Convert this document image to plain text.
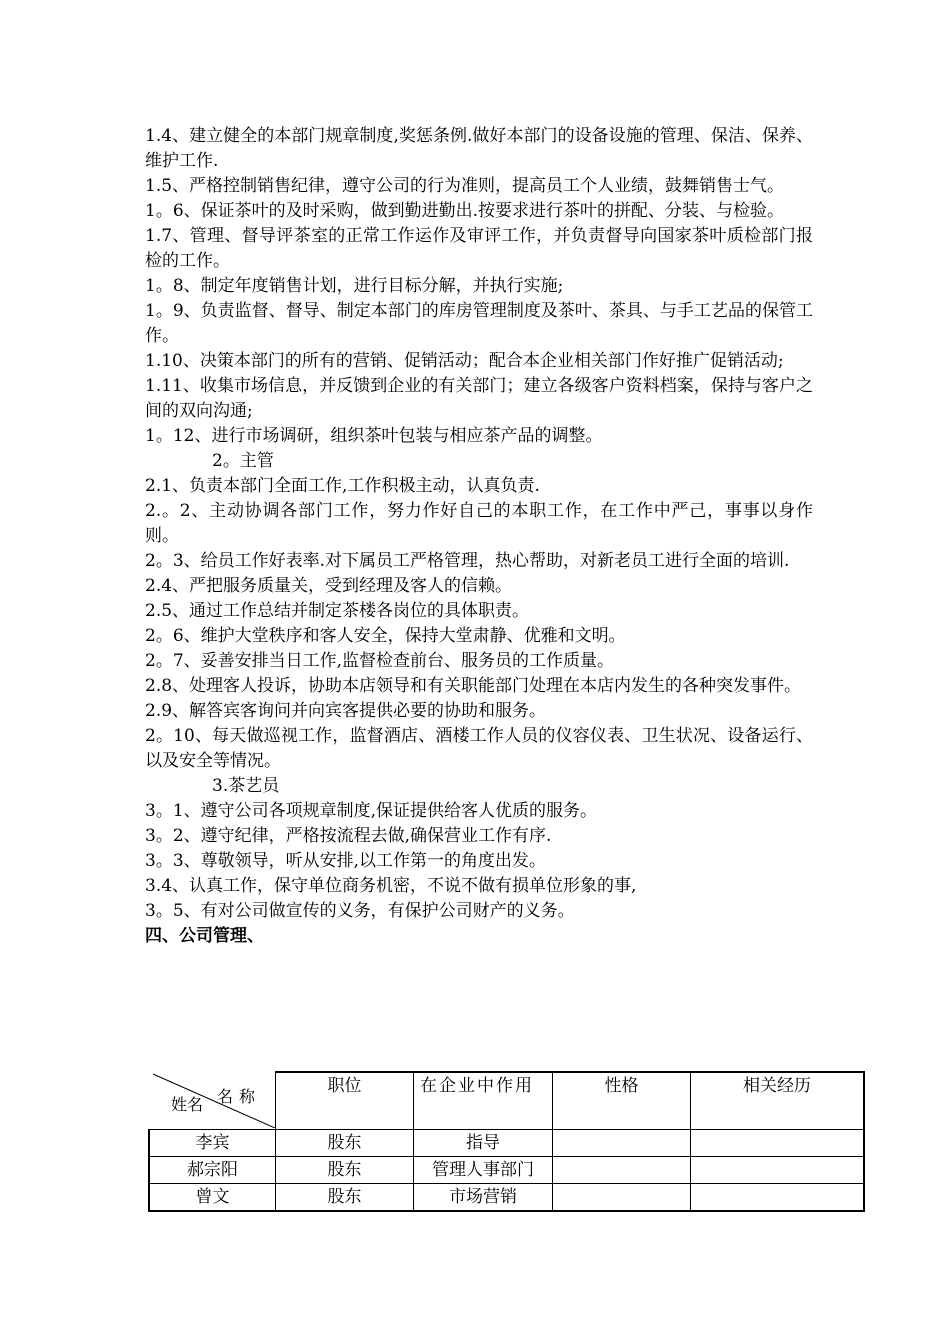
1.4、建立健全的本部门规章制度,奖惩条例.做好本部门的设备设施的管理、保洁、保养、维护工作.

1.5、严格控制销售纪律，遵守公司的行为准则，提高员工个人业绩，鼓舞销售士气。

1。6、保证茶叶的及时采购，做到勤进勤出.按要求进行茶叶的拼配、分装、与检验。

1.7、管理、督导评茶室的正常工作运作及审评工作，并负责督导向国家茶叶质检部门报检的工作。

1。8、制定年度销售计划，进行目标分解，并执行实施;

1。9、负责监督、督导、制定本部门的库房管理制度及茶叶、茶具、与手工艺品的保管工作。

1.10、决策本部门的所有的营销、促销活动；配合本企业相关部门作好推广促销活动;

1.11、收集市场信息，并反馈到企业的有关部门；建立各级客户资料档案，保持与客户之间的双向沟通;

1。12、进行市场调研，组织茶叶包装与相应茶产品的调整。

2。主管

2.1、负责本部门全面工作,工作积极主动，认真负责.

2.。2、主动协调各部门工作，努力作好自己的本职工作，在工作中严己，事事以身作则。

2。3、给员工作好表率.对下属员工严格管理，热心帮助，对新老员工进行全面的培训.

2.4、严把服务质量关，受到经理及客人的信赖。

2.5、通过工作总结并制定茶楼各岗位的具体职责。

2。6、维护大堂秩序和客人安全，保持大堂肃静、优雅和文明。

2。7、妥善安排当日工作,监督检查前台、服务员的工作质量。

2.8、处理客人投诉，协助本店领导和有关职能部门处理在本店内发生的各种突发事件。

2.9、解答宾客询问并向宾客提供必要的协助和服务。

2。10、每天做巡视工作，监督酒店、酒楼工作人员的仪容仪表、卫生状况、设备运行、以及安全等情况。

3.茶艺员

3。1、遵守公司各项规章制度,保证提供给客人优质的服务。

3。2、遵守纪律，严格按流程去做,确保营业工作有序.

3。3、尊敬领导，听从安排,以工作第一的角度出发。

3.4、认真工作，保守单位商务机密，不说不做有损单位形象的事,

3。5、有对公司做宣传的义务，有保护公司财产的义务。

四、公司管理、

名称
姓名	职位	在企业中作用	性格	相关经历
李宾	股东	指导		
郝宗阳	股东	管理人事部门		
曾文	股东	市场营销		
